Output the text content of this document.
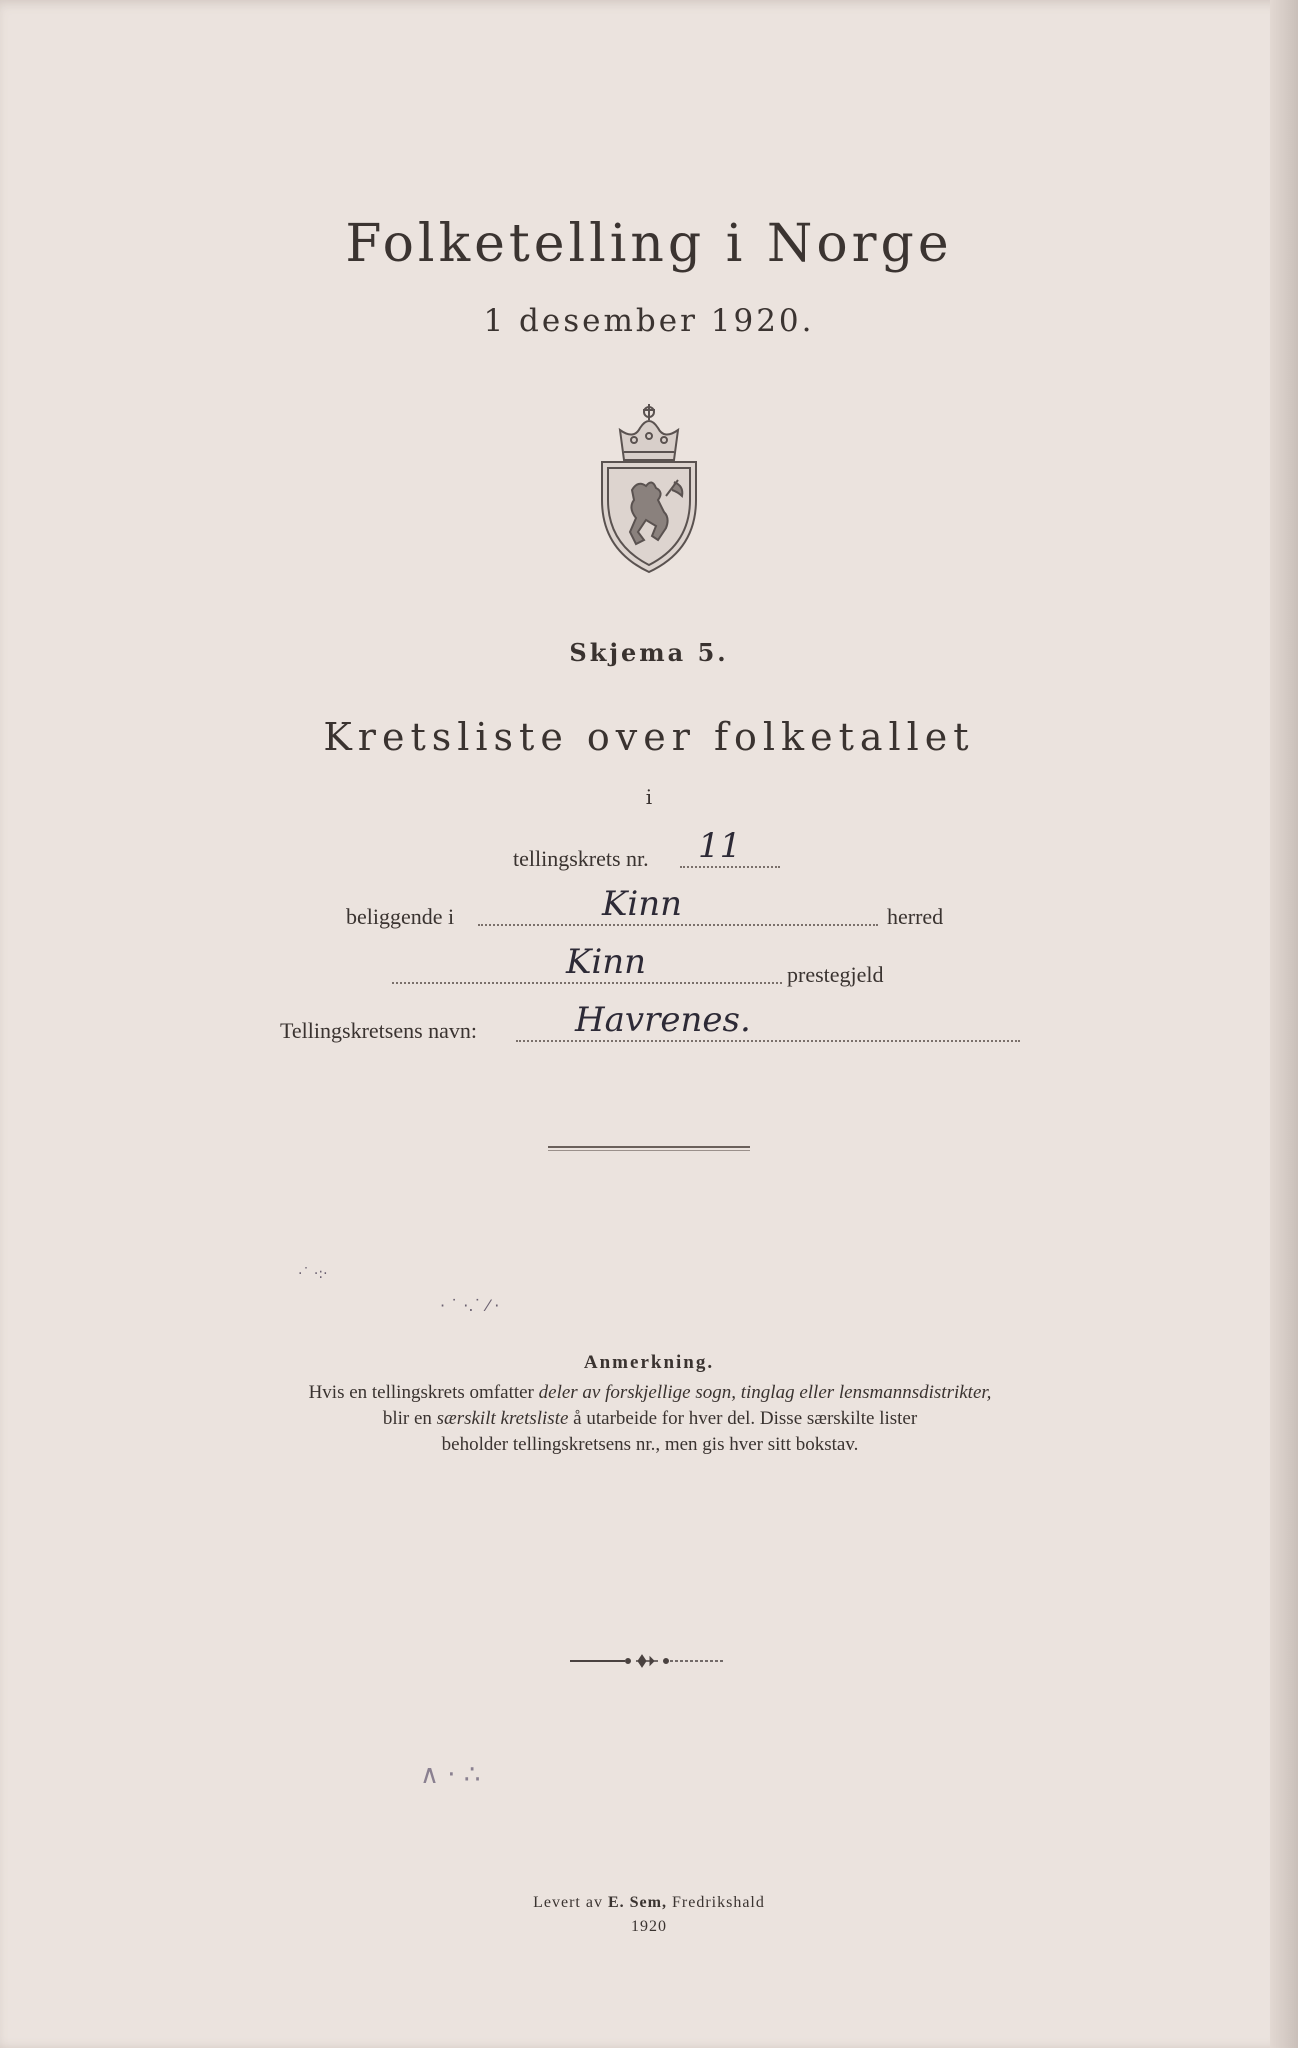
Folketelling i Norge
1 desember 1920.
Skjema 5.
Kretsliste over folketallet
i
tellingskrets nr. 11
beliggende i	Kinn	herred
Kinn	prestegjeld
Tellingskretsens navn:	Havrenes.
·˙ ·:·
· ˙ ·.˙ ⁄ ·
∧ · ∴
Anmerkning.
Hvis en tellingskrets omfatter deler av forskjellige sogn, tinglag eller lensmannsdistrikter,
blir en særskilt kretsliste å utarbeide for hver del. Disse særskilte lister
beholder tellingskretsens nr., men gis hver sitt bokstav.
Levert av E. Sem, Fredrikshald
1920
